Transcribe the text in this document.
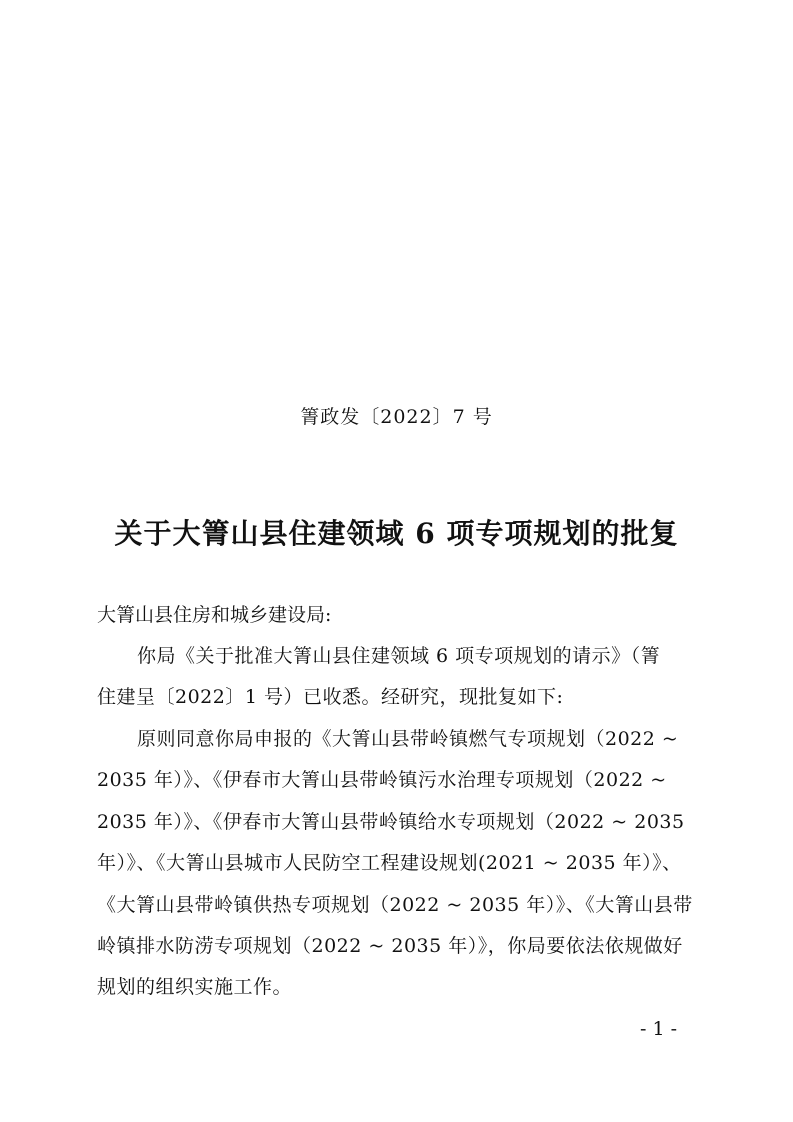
箐政发〔2022〕7 号
关于大箐山县住建领域 6 项专项规划的批复
大箐山县住房和城乡建设局:
你局《关于批准大箐山县住建领域 6 项专项规划的请示》（箐
住建呈〔2022〕1 号）已收悉。经研究，现批复如下:
原则同意你局申报的《大箐山县带岭镇燃气专项规划（2022 ~
2035 年）》、《伊春市大箐山县带岭镇污水治理专项规划（2022 ~
2035 年）》、《伊春市大箐山县带岭镇给水专项规划（2022 ~ 2035
年）》、《大箐山县城市人民防空工程建设规划(2021 ~ 2035 年）》、
《大箐山县带岭镇供热专项规划（2022 ~ 2035 年）》、《大箐山县带
岭镇排水防涝专项规划（2022 ~ 2035 年）》，你局要依法依规做好
规划的组织实施工作。
- 1 -
